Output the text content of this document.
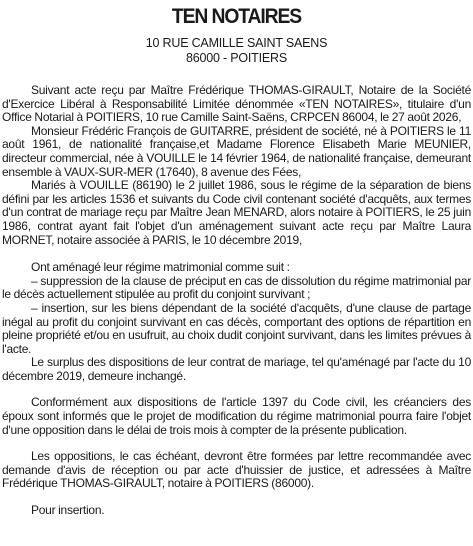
TEN NOTAIRES
10 RUE CAMILLE SAINT SAENS
86000 - POITIERS

Suivant acte reçu par Maître Frédérique THOMAS-GIRAULT, Notaire de la Société d'Exercice Libéral à Responsabilité Limitée dénommée «TEN NOTAIRES», titulaire d'un Office Notarial à POITIERS, 10 rue Camille Saint-Saëns, CRPCEN 86004, le 27 août 2026,

Monsieur Frédéric François de GUITARRE, président de société, né à POITIERS le 11 août 1961, de nationalité française,et Madame Florence Elisabeth Marie MEUNIER, directeur commercial, née à VOUILLE le 14 février 1964, de nationalité française, demeurant ensemble à VAUX-SUR-MER (17640), 8 avenue des Fées,

Mariés à VOUILLE (86190) le 2 juillet 1986, sous le régime de la séparation de biens défini par les articles 1536 et suivants du Code civil contenant société d'acquêts, aux termes d'un contrat de mariage reçu par Maître Jean MENARD, alors notaire à POITIERS, le 25 juin 1986, contrat ayant fait l'objet d'un aménagement suivant acte reçu par Maître Laura MORNET, notaire associée à PARIS, le 10 décembre 2019,

Ont aménagé leur régime matrimonial comme suit :

– suppression de la clause de préciput en cas de dissolution du régime matrimonial par le décès actuellement stipulée au profit du conjoint survivant ;

– insertion, sur les biens dépendant de la société d'acquêts, d'une clause de partage inégal au profit du conjoint survivant en cas décès, comportant des options de répartition en pleine propriété et/ou en usufruit, au choix dudit conjoint survivant, dans les limites prévues à l'acte.

Le surplus des dispositions de leur contrat de mariage, tel qu'aménagé par l'acte du 10 décembre 2019, demeure inchangé.

Conformément aux dispositions de l'article 1397 du Code civil, les créanciers des époux sont informés que le projet de modification du régime matrimonial pourra faire l'objet d'une opposition dans le délai de trois mois à compter de la présente publication.

Les oppositions, le cas échéant, devront être formées par lettre recommandée avec demande d'avis de réception ou par acte d'huissier de justice, et adressées à Maître Frédérique THOMAS-GIRAULT, notaire à POITIERS (86000).

Pour insertion.
